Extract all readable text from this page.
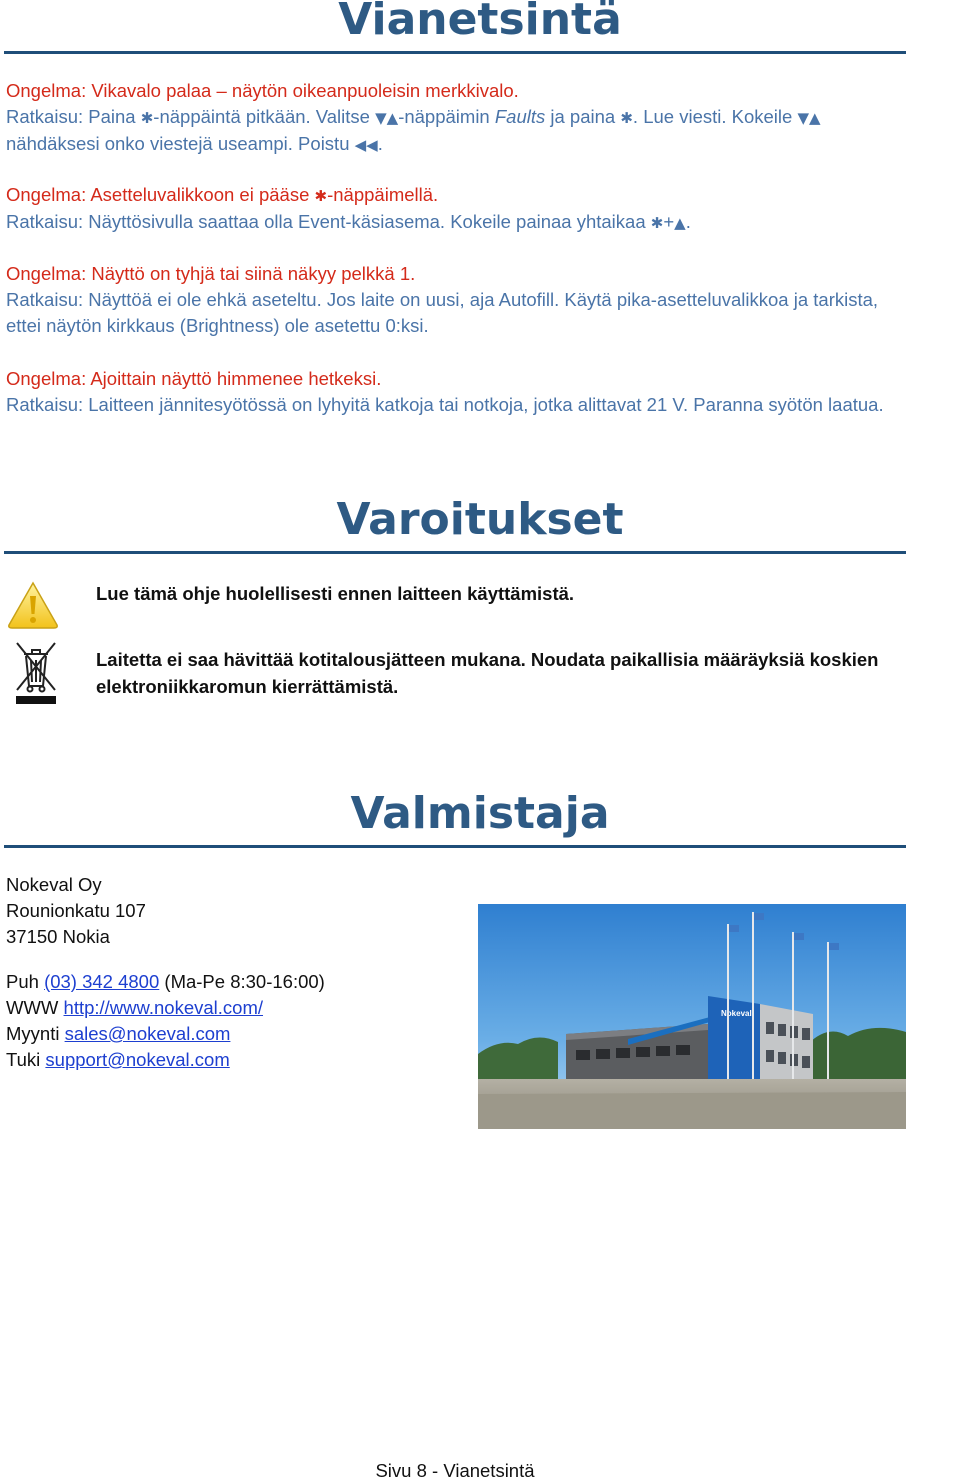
Vianetsintä
Ongelma: Vikavalo palaa – näytön oikeanpuoleisin merkkivalo.
Ratkaisu: Paina ✱-näppäintä pitkään. Valitse ▼▲-näppäimin Faults ja paina ✱. Lue viesti. Kokeile ▼▲ nähdäksesi onko viestejä useampi. Poistu ◀◀.
Ongelma: Asetteluvalikkoon ei pääse ✱-näppäimellä.
Ratkaisu: Näyttösivulla saattaa olla Event-käsiasema. Kokeile painaa yhtaikaa ✱+▲.
Ongelma: Näyttö on tyhjä tai siinä näkyy pelkkä 1.
Ratkaisu: Näyttöä ei ole ehkä aseteltu. Jos laite on uusi, aja Autofill. Käytä pika-asetteluvalikkoa ja tarkista, ettei näytön kirkkaus (Brightness) ole asetettu 0:ksi.
Ongelma: Ajoittain näyttö himmenee hetkeksi.
Ratkaisu: Laitteen jännitesyötössä on lyhyitä katkoja tai notkoja, jotka alittavat 21 V. Paranna syötön laatua.
Varoitukset
Lue tämä ohje huolellisesti ennen laitteen käyttämistä.
Laitetta ei saa hävittää kotitalousjätteen mukana. Noudata paikallisia määräyksiä koskien elektroniikkaromun kierrättämistä.
Valmistaja
Nokeval Oy
Rounionkatu 107
37150 Nokia
Puh (03) 342 4800 (Ma-Pe 8:30-16:00)
WWW http://www.nokeval.com/
Myynti sales@nokeval.com
Tuki support@nokeval.com
Nokeval
Sivu 8 - Vianetsintä
